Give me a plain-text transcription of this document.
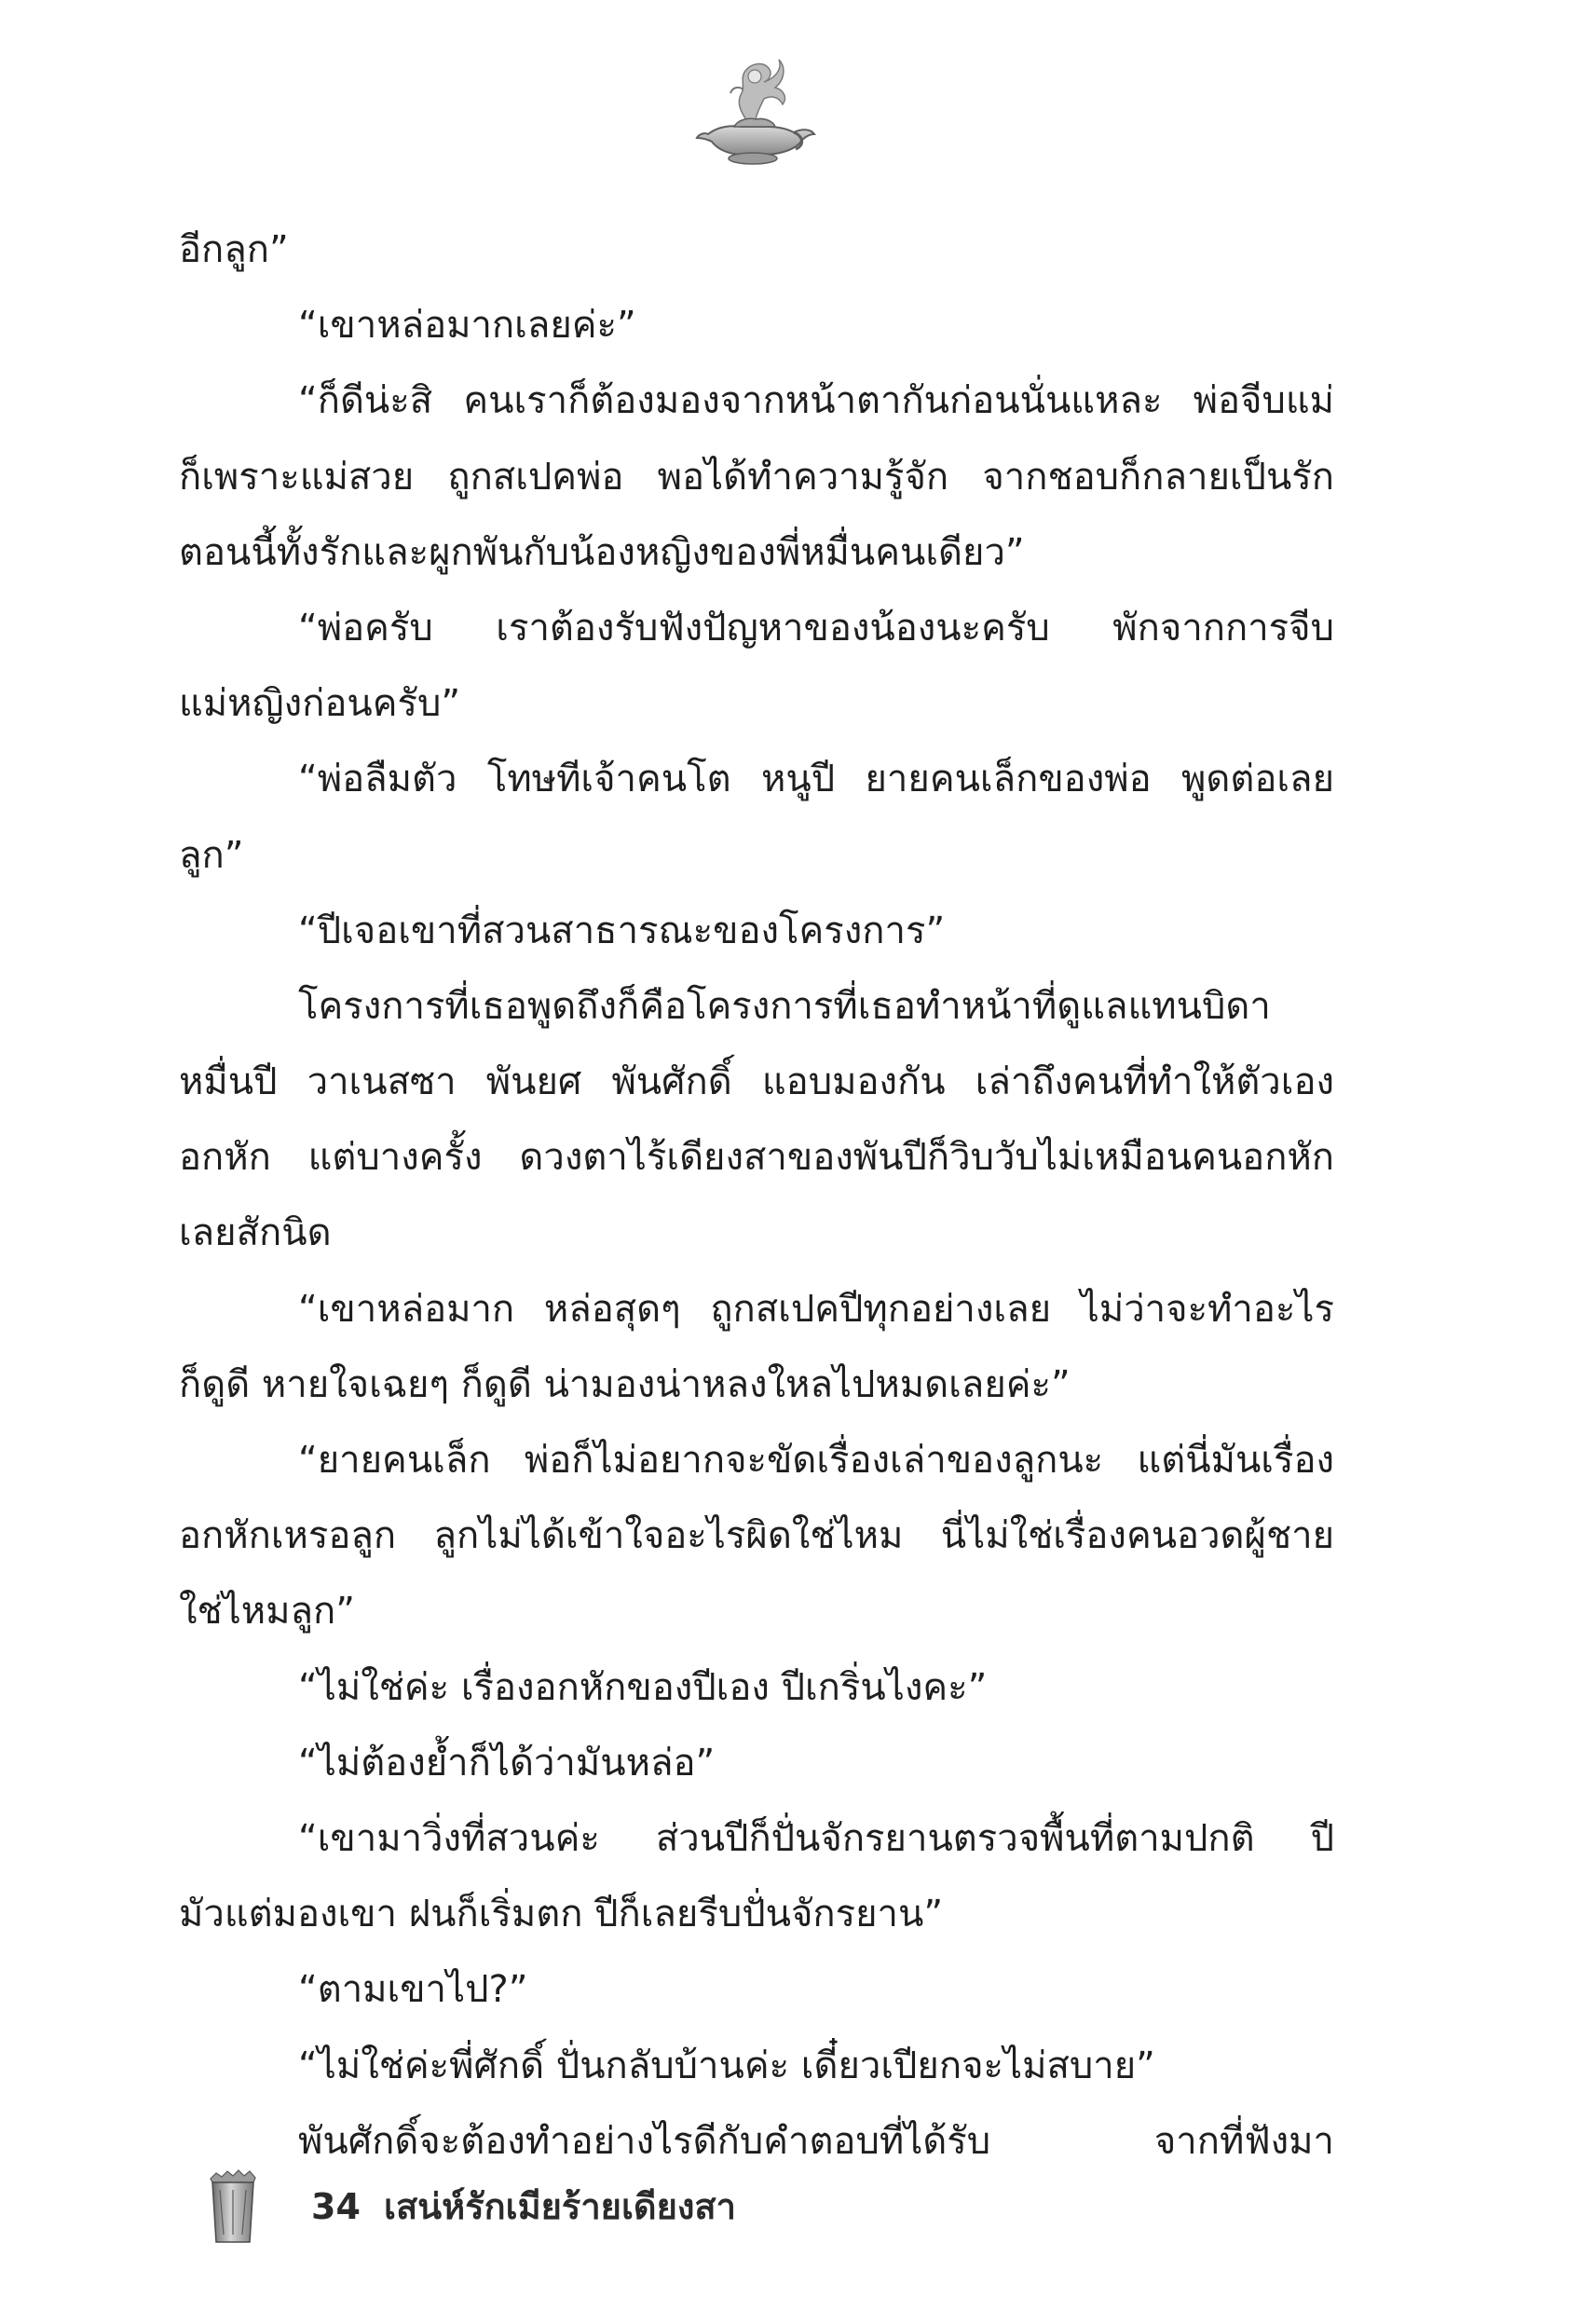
อีกลูก”
“เขาหล่อมากเลยค่ะ”
“ก็ดีน่ะสิ คนเราก็ต้องมองจากหน้าตากันก่อนนั่นแหละ พ่อจีบแม่
ก็เพราะแม่สวย ถูกสเปคพ่อ พอได้ทำความรู้จัก จากชอบก็กลายเป็นรัก
ตอนนี้ทั้งรักและผูกพันกับน้องหญิงของพี่หมื่นคนเดียว”
“พ่อครับ เราต้องรับฟังปัญหาของน้องนะครับ พักจากการจีบ
แม่หญิงก่อนครับ”
“พ่อลืมตัว โทษทีเจ้าคนโต หนูปี ยายคนเล็กของพ่อ พูดต่อเลย
ลูก”
“ปีเจอเขาที่สวนสาธารณะของโครงการ”
โครงการที่เธอพูดถึงก็คือโครงการที่เธอทำหน้าที่ดูแลแทนบิดา
หมื่นปี วาเนสซา พันยศ พันศักดิ์ แอบมองกัน เล่าถึงคนที่ทำให้ตัวเอง
อกหัก แต่บางครั้ง ดวงตาไร้เดียงสาของพันปีก็วิบวับไม่เหมือนคนอกหัก
เลยสักนิด
“เขาหล่อมาก หล่อสุดๆ ถูกสเปคปีทุกอย่างเลย ไม่ว่าจะทำอะไร
ก็ดูดี หายใจเฉยๆ ก็ดูดี น่ามองน่าหลงใหลไปหมดเลยค่ะ”
“ยายคนเล็ก พ่อก็ไม่อยากจะขัดเรื่องเล่าของลูกนะ แต่นี่มันเรื่อง
อกหักเหรอลูก ลูกไม่ได้เข้าใจอะไรผิดใช่ไหม นี่ไม่ใช่เรื่องคนอวดผู้ชาย
ใช่ไหมลูก”
“ไม่ใช่ค่ะ เรื่องอกหักของปีเอง ปีเกริ่นไงคะ”
“ไม่ต้องย้ำก็ได้ว่ามันหล่อ”
“เขามาวิ่งที่สวนค่ะ ส่วนปีก็ปั่นจักรยานตรวจพื้นที่ตามปกติ ปี
มัวแต่มองเขา ฝนก็เริ่มตก ปีก็เลยรีบปั่นจักรยาน”
“ตามเขาไป?”
“ไม่ใช่ค่ะพี่ศักดิ์ ปั่นกลับบ้านค่ะ เดี๋ยวเปียกจะไม่สบาย”
พันศักดิ์จะต้องทำอย่างไรดีกับคำตอบที่ได้รับ จากที่ฟังมา
34 เสน่ห์รักเมียร้ายเดียงสา
